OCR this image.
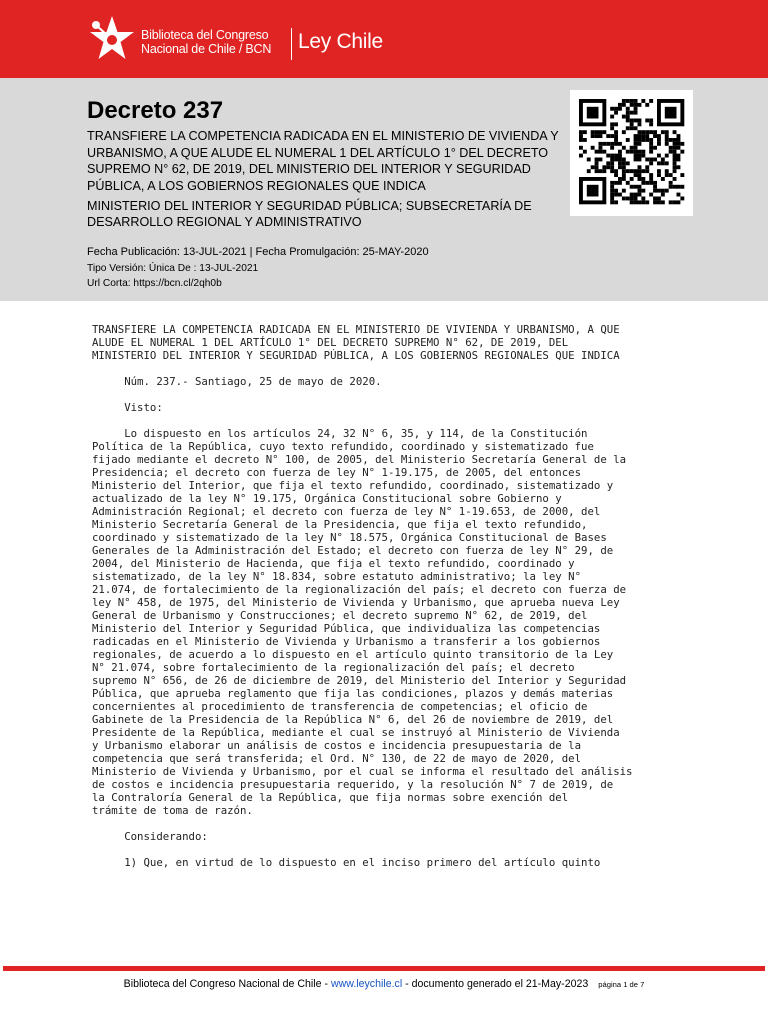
Biblioteca del Congreso
Nacional de Chile / BCN Ley Chile
Decreto 237
TRANSFIERE LA COMPETENCIA RADICADA EN EL MINISTERIO DE VIVIENDA Y URBANISMO, A QUE ALUDE EL NUMERAL 1 DEL ARTÍCULO 1° DEL DECRETO SUPREMO N° 62, DE 2019, DEL MINISTERIO DEL INTERIOR Y SEGURIDAD PÚBLICA, A LOS GOBIERNOS REGIONALES QUE INDICA
MINISTERIO DEL INTERIOR Y SEGURIDAD PÚBLICA; SUBSECRETARÍA DE DESARROLLO REGIONAL Y ADMINISTRATIVO
Fecha Publicación: 13-JUL-2021 | Fecha Promulgación: 25-MAY-2020
Tipo Versión: Única De : 13-JUL-2021
Url Corta: https://bcn.cl/2qh0b

TRANSFIERE LA COMPETENCIA RADICADA EN EL MINISTERIO DE VIVIENDA Y URBANISMO, A QUE
ALUDE EL NUMERAL 1 DEL ARTÍCULO 1° DEL DECRETO SUPREMO N° 62, DE 2019, DEL
MINISTERIO DEL INTERIOR Y SEGURIDAD PÚBLICA, A LOS GOBIERNOS REGIONALES QUE INDICA

Núm. 237.- Santiago, 25 de mayo de 2020.

Visto:

Lo dispuesto en los artículos 24, 32 N° 6, 35, y 114, de la Constitución
Política de la República, cuyo texto refundido, coordinado y sistematizado fue
fijado mediante el decreto N° 100, de 2005, del Ministerio Secretaría General de la
Presidencia; el decreto con fuerza de ley N° 1-19.175, de 2005, del entonces
Ministerio del Interior, que fija el texto refundido, coordinado, sistematizado y
actualizado de la ley N° 19.175, Orgánica Constitucional sobre Gobierno y
Administración Regional; el decreto con fuerza de ley N° 1-19.653, de 2000, del
Ministerio Secretaría General de la Presidencia, que fija el texto refundido,
coordinado y sistematizado de la ley N° 18.575, Orgánica Constitucional de Bases
Generales de la Administración del Estado; el decreto con fuerza de ley N° 29, de
2004, del Ministerio de Hacienda, que fija el texto refundido, coordinado y
sistematizado, de la ley N° 18.834, sobre estatuto administrativo; la ley N°
21.074, de fortalecimiento de la regionalización del país; el decreto con fuerza de
ley N° 458, de 1975, del Ministerio de Vivienda y Urbanismo, que aprueba nueva Ley
General de Urbanismo y Construcciones; el decreto supremo N° 62, de 2019, del
Ministerio del Interior y Seguridad Pública, que individualiza las competencias
radicadas en el Ministerio de Vivienda y Urbanismo a transferir a los gobiernos
regionales, de acuerdo a lo dispuesto en el artículo quinto transitorio de la Ley
N° 21.074, sobre fortalecimiento de la regionalización del país; el decreto
supremo N° 656, de 26 de diciembre de 2019, del Ministerio del Interior y Seguridad
Pública, que aprueba reglamento que fija las condiciones, plazos y demás materias
concernientes al procedimiento de transferencia de competencias; el oficio de
Gabinete de la Presidencia de la República N° 6, del 26 de noviembre de 2019, del
Presidente de la República, mediante el cual se instruyó al Ministerio de Vivienda
y Urbanismo elaborar un análisis de costos e incidencia presupuestaria de la
competencia que será transferida; el Ord. N° 130, de 22 de mayo de 2020, del
Ministerio de Vivienda y Urbanismo, por el cual se informa el resultado del análisis
de costos e incidencia presupuestaria requerido, y la resolución N° 7 de 2019, de
la Contraloría General de la República, que fija normas sobre exención del
trámite de toma de razón.

Considerando:

1) Que, en virtud de lo dispuesto en el inciso primero del artículo quinto

Biblioteca del Congreso Nacional de Chile - www.leychile.cl - documento generado el 21-May-2023 página 1 de 7
